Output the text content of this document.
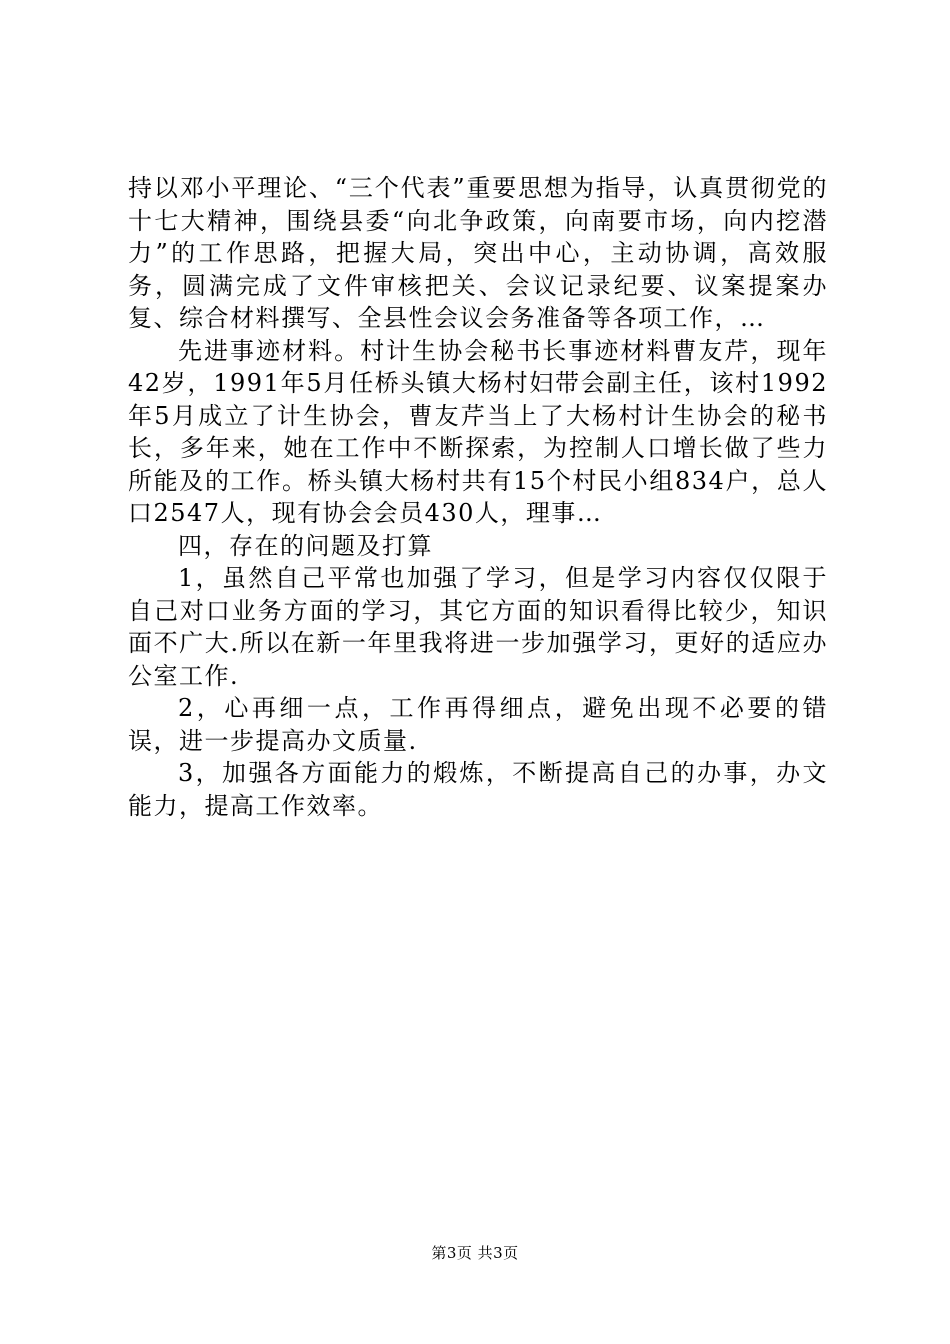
持以邓小平理论、“三个代表”重要思想为指导，认真贯彻党的十七大精神，围绕县委“向北争政策，向南要市场，向内挖潜力”的工作思路，把握大局，突出中心，主动协调，高效服务，圆满完成了文件审核把关、会议记录纪要、议案提案办复、综合材料撰写、全县性会议会务准备等各项工作，…

先进事迹材料。村计生协会秘书长事迹材料曹友芹，现年42岁，1991年5月任桥头镇大杨村妇带会副主任，该村1992年5月成立了计生协会，曹友芹当上了大杨村计生协会的秘书长，多年来，她在工作中不断探索，为控制人口增长做了些力所能及的工作。桥头镇大杨村共有15个村民小组834户，总人口2547人，现有协会会员430人，理事…

四，存在的问题及打算

1，虽然自己平常也加强了学习，但是学习内容仅仅限于自己对口业务方面的学习，其它方面的知识看得比较少，知识面不广大.所以在新一年里我将进一步加强学习，更好的适应办公室工作.

2，心再细一点，工作再得细点，避免出现不必要的错误，进一步提高办文质量.

3，加强各方面能力的煅炼，不断提高自己的办事，办文能力，提高工作效率。

第3页 共3页
